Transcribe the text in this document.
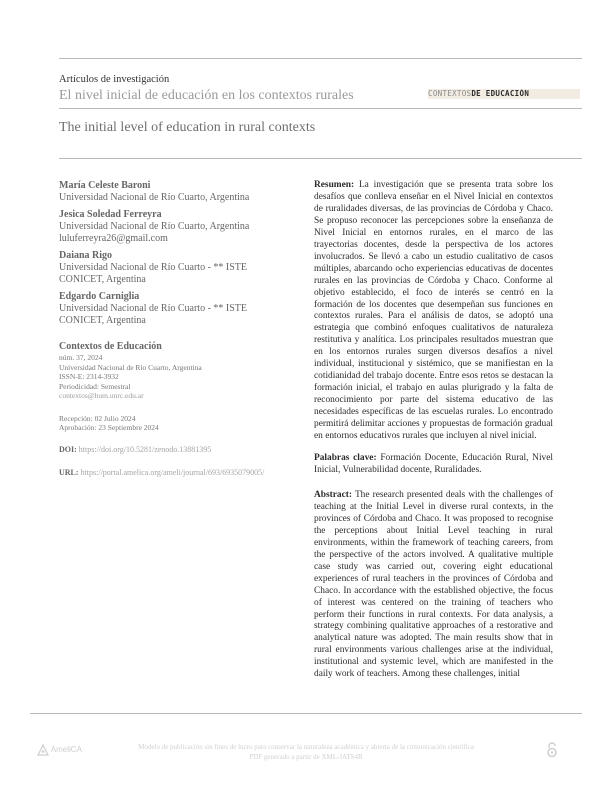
Artículos de investigación
El nivel inicial de educación en los contextos rurales	CONTEXTOSDE EDUCACIÓN
The initial level of education in rural contexts
María Celeste Baroni
Universidad Nacional de Río Cuarto, Argentina
Jesica Soledad Ferreyra
Universidad Nacional de Río Cuarto, Argentina
luluferreyra26@gmail.com
Daiana Rigo
Universidad Nacional de Río Cuarto - ** ISTE
CONICET, Argentina
Edgardo Carniglia
Universidad Nacional de Río Cuarto - ** ISTE
CONICET, Argentina
Contextos de Educación
núm. 37, 2024
Universidad Nacional de Río Cuarto, Argentina
ISSN-E: 2314-3932
Periodicidad: Semestral
contextos@hum.unrc.edu.ar
Recepción: 02 Julio 2024
Aprobación: 23 Septiembre 2024
DOI: https://doi.org/10.5281/zenodo.13881395
URL: https://portal.amelica.org/ameli/journal/693/6935079005/
Resumen: La investigación que se presenta trata sobre los desafíos que conlleva enseñar en el Nivel Inicial en contextos de ruralidades diversas, de las provincias de Córdoba y Chaco. Se propuso reconocer las percepciones sobre la enseñanza de Nivel Inicial en entornos rurales, en el marco de las trayectorias docentes, desde la perspectiva de los actores involucrados. Se llevó a cabo un estudio cualitativo de casos múltiples, abarcando ocho experiencias educativas de docentes rurales en las provincias de Córdoba y Chaco. Conforme al objetivo establecido, el foco de interés se centró en la formación de los docentes que desempeñan sus funciones en contextos rurales. Para el análisis de datos, se adoptó una estrategia que combinó enfoques cualitativos de naturaleza restitutiva y analítica. Los principales resultados muestran que en los entornos rurales surgen diversos desafíos a nivel individual, institucional y sistémico, que se manifiestan en la cotidianidad del trabajo docente. Entre esos retos se destacan la formación inicial, el trabajo en aulas plurigrado y la falta de reconocimiento por parte del sistema educativo de las necesidades específicas de las escuelas rurales. Lo encontrado permitirá delimitar acciones y propuestas de formación gradual en entornos educativos rurales que incluyen al nivel inicial.
Palabras clave: Formación Docente, Educación Rural, Nivel Inicial, Vulnerabilidad docente, Ruralidades.
Abstract: The research presented deals with the challenges of teaching at the Initial Level in diverse rural contexts, in the provinces of Córdoba and Chaco. It was proposed to recognise the perceptions about Initial Level teaching in rural environments, within the framework of teaching careers, from the perspective of the actors involved. A qualitative multiple case study was carried out, covering eight educational experiences of rural teachers in the provinces of Córdoba and Chaco. In accordance with the established objective, the focus of interest was centered on the training of teachers who perform their functions in rural contexts. For data analysis, a strategy combining qualitative approaches of a restorative and analytical nature was adopted. The main results show that in rural environments various challenges arise at the individual, institutional and systemic level, which are manifested in the daily work of teachers. Among these challenges, initial
AmeliCA	Modelo de publicación sin fines de lucro para conservar la naturaleza académica y abierta de la comunicación científica
PDF generado a partir de XML-JATS4R
